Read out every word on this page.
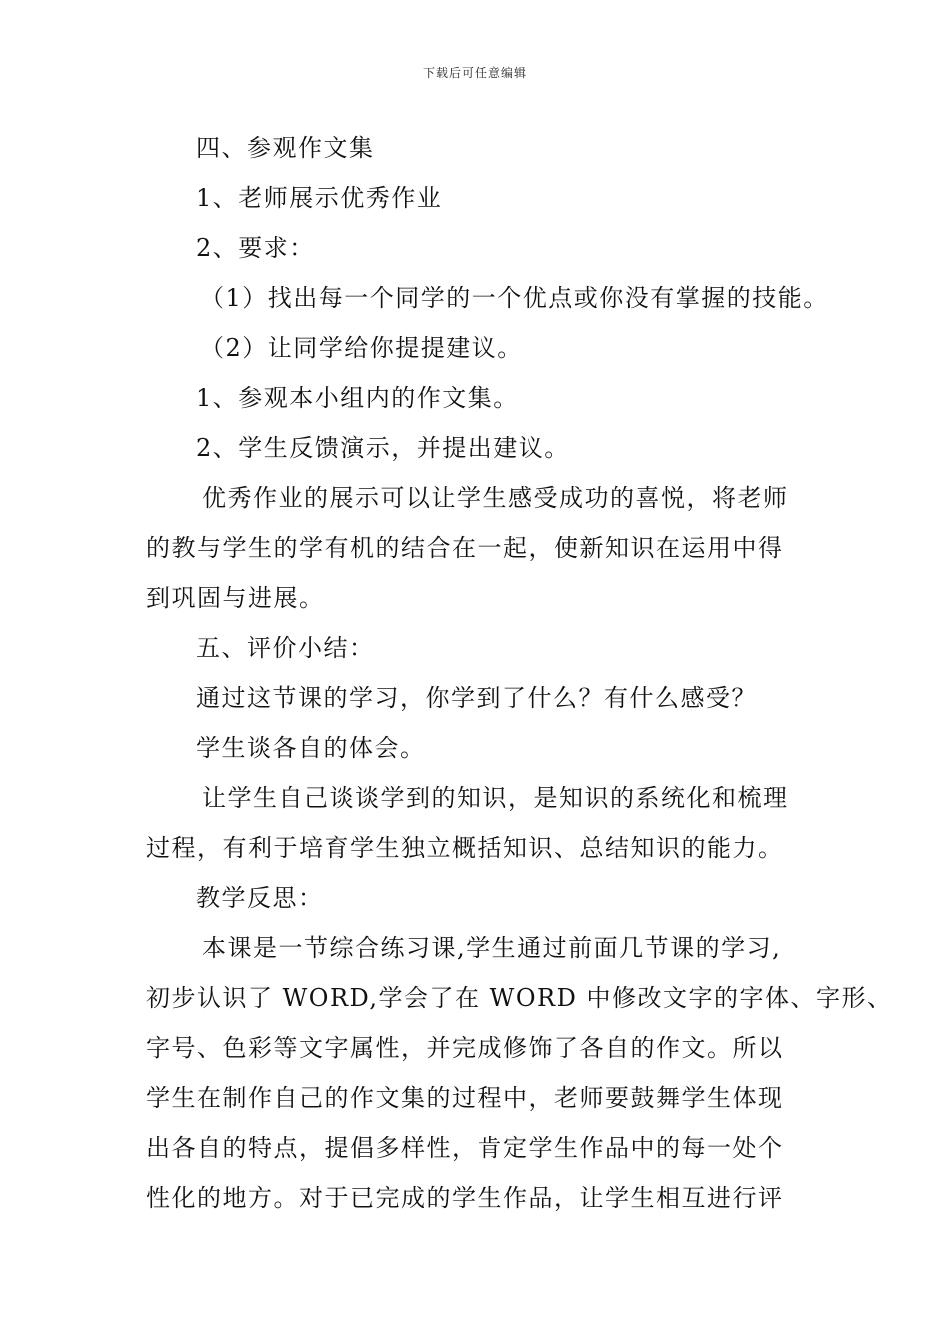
下载后可任意编辑
四、参观作文集
1、老师展示优秀作业
2、要求：
（1）找出每一个同学的一个优点或你没有掌握的技能。
（2）让同学给你提提建议。
1、参观本小组内的作文集。
2、学生反馈演示，并提出建议。
优秀作业的展示可以让学生感受成功的喜悦，将老师
的教与学生的学有机的结合在一起，使新知识在运用中得
到巩固与进展。
五、评价小结：
通过这节课的学习，你学到了什么？有什么感受？
学生谈各自的体会。
让学生自己谈谈学到的知识，是知识的系统化和梳理
过程，有利于培育学生独立概括知识、总结知识的能力。
教学反思：
本课是一节综合练习课,学生通过前面几节课的学习,
初步认识了 WORD,学会了在 WORD 中修改文字的字体、字形、
字号、色彩等文字属性，并完成修饰了各自的作文。所以
学生在制作自己的作文集的过程中，老师要鼓舞学生体现
出各自的特点，提倡多样性，肯定学生作品中的每一处个
性化的地方。对于已完成的学生作品，让学生相互进行评
